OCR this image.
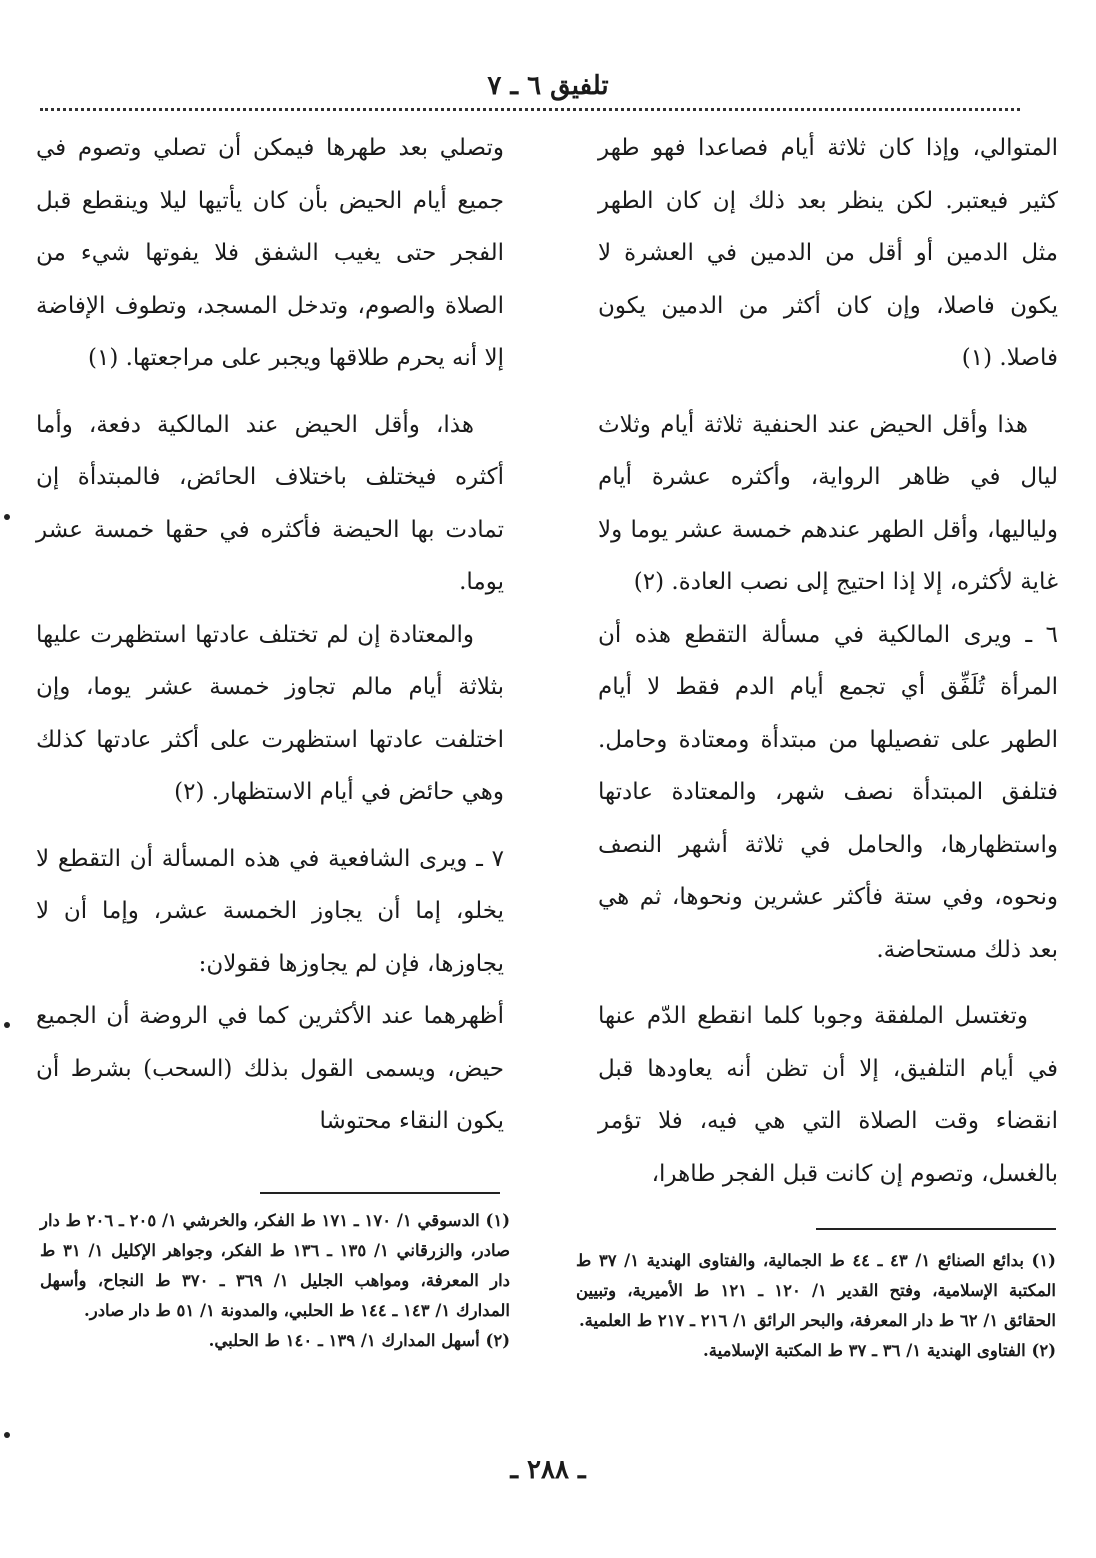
تلفيق ٦ ـ ٧

المتوالي، وإذا كان ثلاثة أيام فصاعدا فهو طهر كثير فيعتبر. لكن ينظر بعد ذلك إن كان الطهر مثل الدمين أو أقل من الدمين في العشرة لا يكون فاصلا، وإن كان أكثر من الدمين يكون فاصلا. (١)

هذا وأقل الحيض عند الحنفية ثلاثة أيام وثلاث ليال في ظاهر الرواية، وأكثره عشرة أيام ولياليها، وأقل الطهر عندهم خمسة عشر يوما ولا غاية لأكثره، إلا إذا احتيج إلى نصب العادة. (٢)

٦ ـ ويرى المالكية في مسألة التقطع هذه أن المرأة تُلَفِّق أي تجمع أيام الدم فقط لا أيام الطهر على تفصيلها من مبتدأة ومعتادة وحامل. فتلفق المبتدأة نصف شهر، والمعتادة عادتها واستظهارها، والحامل في ثلاثة أشهر النصف ونحوه، وفي ستة فأكثر عشرين ونحوها، ثم هي بعد ذلك مستحاضة.

وتغتسل الملفقة وجوبا كلما انقطع الدّم عنها في أيام التلفيق، إلا أن تظن أنه يعاودها قبل انقضاء وقت الصلاة التي هي فيه، فلا تؤمر بالغسل، وتصوم إن كانت قبل الفجر طاهرا،

وتصلي بعد طهرها فيمكن أن تصلي وتصوم في جميع أيام الحيض بأن كان يأتيها ليلا وينقطع قبل الفجر حتى يغيب الشفق فلا يفوتها شيء من الصلاة والصوم، وتدخل المسجد، وتطوف الإفاضة إلا أنه يحرم طلاقها ويجبر على مراجعتها. (١)

هذا، وأقل الحيض عند المالكية دفعة، وأما أكثره فيختلف باختلاف الحائض، فالمبتدأة إن تمادت بها الحيضة فأكثره في حقها خمسة عشر يوما.

والمعتادة إن لم تختلف عادتها استظهرت عليها بثلاثة أيام مالم تجاوز خمسة عشر يوما، وإن اختلفت عادتها استظهرت على أكثر عادتها كذلك وهي حائض في أيام الاستظهار. (٢)

٧ ـ ويرى الشافعية في هذه المسألة أن التقطع لا يخلو، إما أن يجاوز الخمسة عشر، وإما أن لا يجاوزها، فإن لم يجاوزها فقولان:

أظهرهما عند الأكثرين كما في الروضة أن الجميع حيض، ويسمى القول بذلك (السحب) بشرط أن يكون النقاء محتوشا

(١) بدائع الصنائع ١/ ٤٣ ـ ٤٤ ط الجمالية، والفتاوى الهندية ١/ ٣٧ ط المكتبة الإسلامية، وفتح القدير ١/ ١٢٠ ـ ١٢١ ط الأميرية، وتبيين الحقائق ١/ ٦٢ ط دار المعرفة، والبحر الرائق ١/ ٢١٦ ـ ٢١٧ ط العلمية.

(٢) الفتاوى الهندية ١/ ٣٦ ـ ٣٧ ط المكتبة الإسلامية.

(١) الدسوقي ١/ ١٧٠ ـ ١٧١ ط الفكر، والخرشي ١/ ٢٠٥ ـ ٢٠٦ ط دار صادر، والزرقاني ١/ ١٣٥ ـ ١٣٦ ط الفكر، وجواهر الإكليل ١/ ٣١ ط دار المعرفة، ومواهب الجليل ١/ ٣٦٩ ـ ٣٧٠ ط النجاح، وأسهل المدارك ١/ ١٤٣ ـ ١٤٤ ط الحلبي، والمدونة ١/ ٥١ ط دار صادر.

(٢) أسهل المدارك ١/ ١٣٩ ـ ١٤٠ ط الحلبي.

ـ ٢٨٨ ـ
